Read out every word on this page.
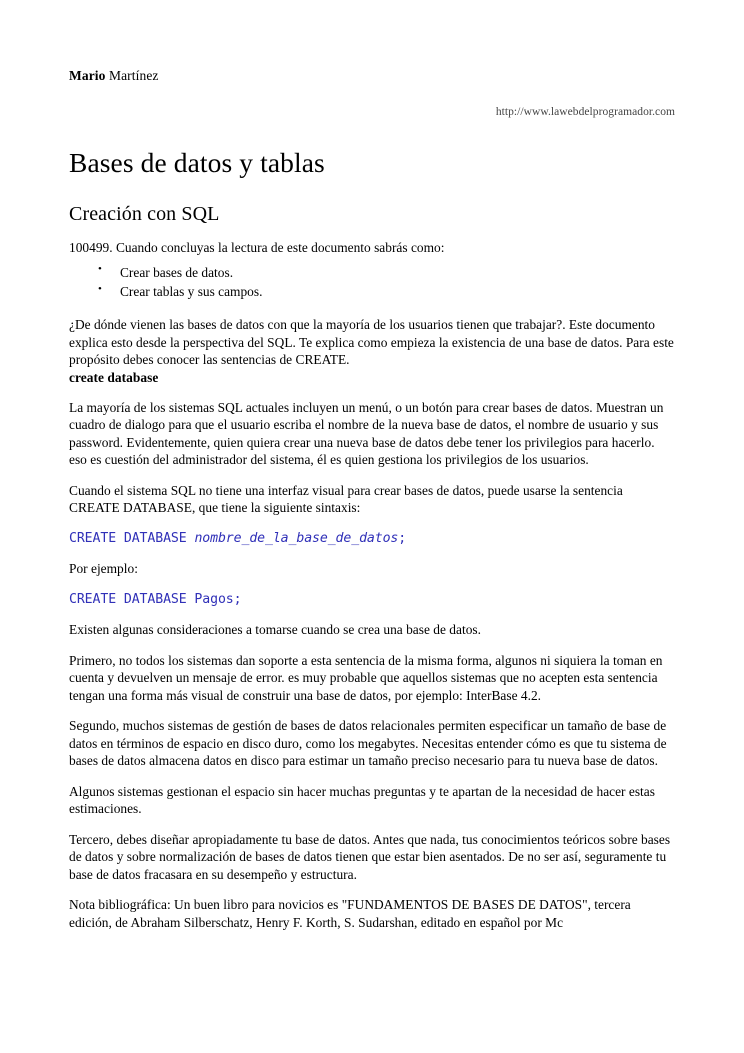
Mario Martínez
http://www.lawebdelprogramador.com
Bases de datos y tablas
Creación con SQL

100499. Cuando concluyas la lectura de este documento sabrás como:

• Crear bases de datos.
• Crear tablas y sus campos.

¿De dónde vienen las bases de datos con que la mayoría de los usuarios tienen que trabajar?. Este documento explica esto desde la perspectiva del SQL. Te explica como empieza la existencia de una base de datos. Para este propósito debes conocer las sentencias de CREATE.

create database

La mayoría de los sistemas SQL actuales incluyen un menú, o un botón para crear bases de datos. Muestran un cuadro de dialogo para que el usuario escriba el nombre de la nueva base de datos, el nombre de usuario y sus password. Evidentemente, quien quiera crear una nueva base de datos debe tener los privilegios para hacerlo. eso es cuestión del administrador del sistema, él es quien gestiona los privilegios de los usuarios.

Cuando el sistema SQL no tiene una interfaz visual para crear bases de datos, puede usarse la sentencia CREATE DATABASE, que tiene la siguiente sintaxis:

CREATE DATABASE nombre_de_la_base_de_datos;

Por ejemplo:

CREATE DATABASE Pagos;

Existen algunas consideraciones a tomarse cuando se crea una base de datos.

Primero, no todos los sistemas dan soporte a esta sentencia de la misma forma, algunos ni siquiera la toman en cuenta y devuelven un mensaje de error. es muy probable que aquellos sistemas que no acepten esta sentencia tengan una forma más visual de construir una base de datos, por ejemplo: InterBase 4.2.

Segundo, muchos sistemas de gestión de bases de datos relacionales permiten especificar un tamaño de base de datos en términos de espacio en disco duro, como los megabytes. Necesitas entender cómo es que tu sistema de bases de datos almacena datos en disco para estimar un tamaño preciso necesario para tu nueva base de datos.

Algunos sistemas gestionan el espacio sin hacer muchas preguntas y te apartan de la necesidad de hacer estas estimaciones.

Tercero, debes diseñar apropiadamente tu base de datos. Antes que nada, tus conocimientos teóricos sobre bases de datos y sobre normalización de bases de datos tienen que estar bien asentados. De no ser así, seguramente tu base de datos fracasara en su desempeño y estructura.

Nota bibliográfica: Un buen libro para novicios es "FUNDAMENTOS DE BASES DE DATOS", tercera edición, de Abraham Silberschatz, Henry F. Korth, S. Sudarshan, editado en español por Mc
